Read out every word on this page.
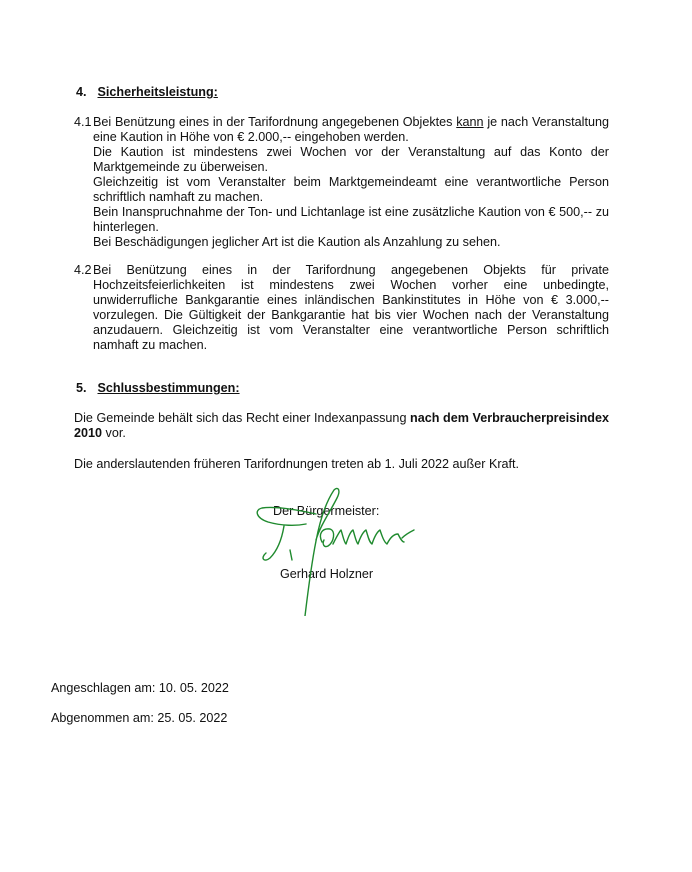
4. Sicherheitsleistung:
4.1 Bei Benützung eines in der Tarifordnung angegebenen Objektes kann je nach Veranstaltung eine Kaution in Höhe von € 2.000,-- eingehoben werden.
Die Kaution ist mindestens zwei Wochen vor der Veranstaltung auf das Konto der Marktgemeinde zu überweisen.
Gleichzeitig ist vom Veranstalter beim Marktgemeindeamt eine verantwortliche Person schriftlich namhaft zu machen.
Bein Inanspruchnahme der Ton- und Lichtanlage ist eine zusätzliche Kaution von € 500,-- zu hinterlegen.
Bei Beschädigungen jeglicher Art ist die Kaution als Anzahlung zu sehen.
4.2 Bei Benützung eines in der Tarifordnung angegebenen Objekts für private Hochzeitsfeierlichkeiten ist mindestens zwei Wochen vorher eine unbedingte, unwiderrufliche Bankgarantie eines inländischen Bankinstitutes in Höhe von € 3.000,-- vorzulegen. Die Gültigkeit der Bankgarantie hat bis vier Wochen nach der Veranstaltung anzudauern. Gleichzeitig ist vom Veranstalter eine verantwortliche Person schriftlich namhaft zu machen.
5. Schlussbestimmungen:
Die Gemeinde behält sich das Recht einer Indexanpassung nach dem Verbraucherpreisindex 2010 vor.
Die anderslautenden früheren Tarifordnungen treten ab 1. Juli 2022 außer Kraft.
Der Bürgermeister:
Gerhard Holzner
Angeschlagen am: 10. 05. 2022
Abgenommen am: 25. 05. 2022
